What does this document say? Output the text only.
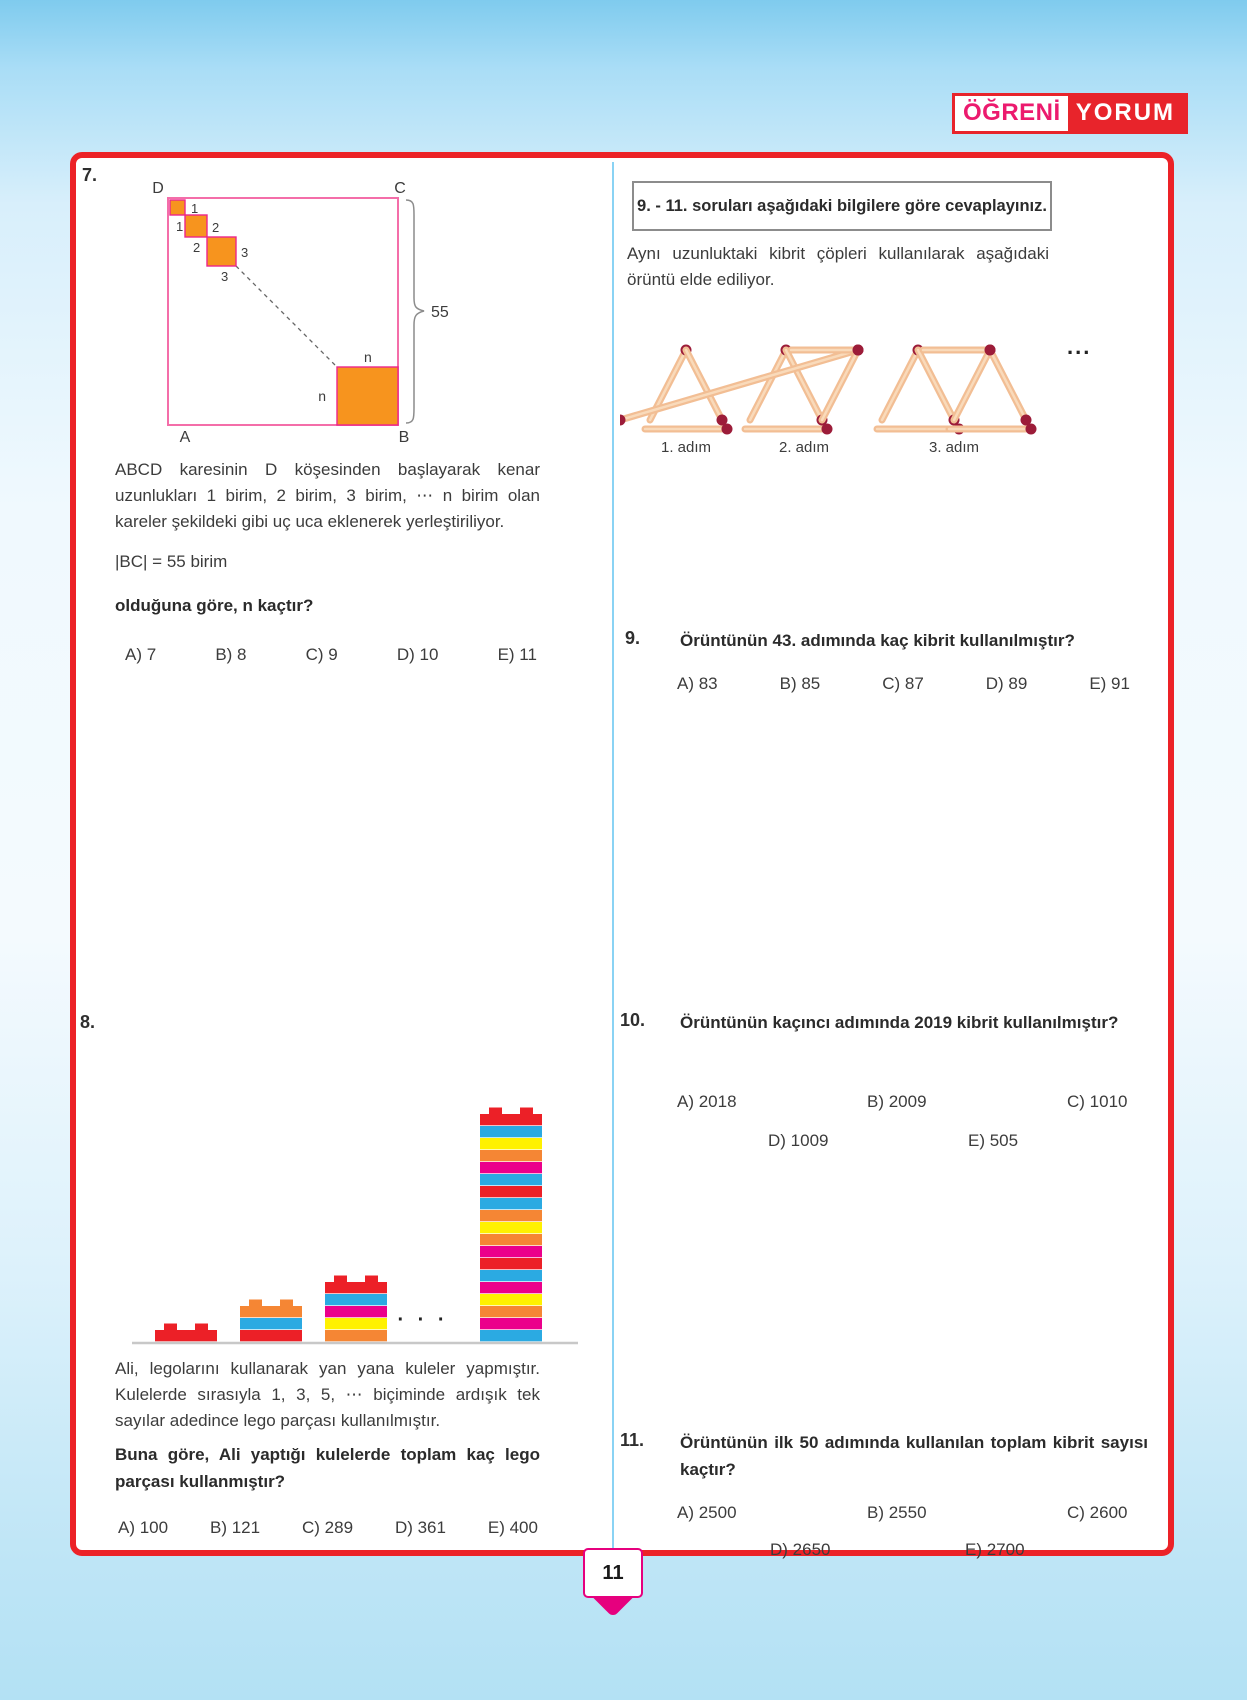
ÖĞRENİ YORUM
7.
D	C
A	B
1
1 2
2	3
3
n
n
55
ABCD karesinin D köşesinden başlayarak kenar uzunlukları 1 birim, 2 birim, 3 birim, ⋯ n birim olan kareler şekildeki gibi uç uca eklenerek yerleştiriliyor.
|BC| = 55 birim
olduğuna göre, n kaçtır?
A) 7	B) 8	C) 9	D) 10	E) 11
8.
· · ·
Ali, legolarını kullanarak yan yana kuleler yapmıştır. Kulelerde sırasıyla 1, 3, 5, ⋯ biçiminde ardışık tek sayılar adedince lego parçası kullanılmıştır.
Buna göre, Ali yaptığı kulelerde toplam kaç lego parçası kullanmıştır?
A) 100 B) 121 C) 289 D) 361 E) 400
9. - 11. soruları aşağıdaki bilgilere göre cevaplayınız.
Aynı uzunluktaki kibrit çöpleri kullanılarak aşağıdaki örüntü elde ediliyor.
1. adım	2. adım	3. adım
...
9. Örüntünün 43. adımında kaç kibrit kullanılmıştır?
A) 83	B) 85	C) 87	D) 89	E) 91
10. Örüntünün kaçıncı adımında 2019 kibrit kullanılmıştır?
A) 2018	B) 2009	C) 1010
D) 1009	E) 505
11. Örüntünün ilk 50 adımında kullanılan toplam kibrit sayısı kaçtır?
A) 2500	B) 2550	C) 2600
D) 2650	E) 2700
11
